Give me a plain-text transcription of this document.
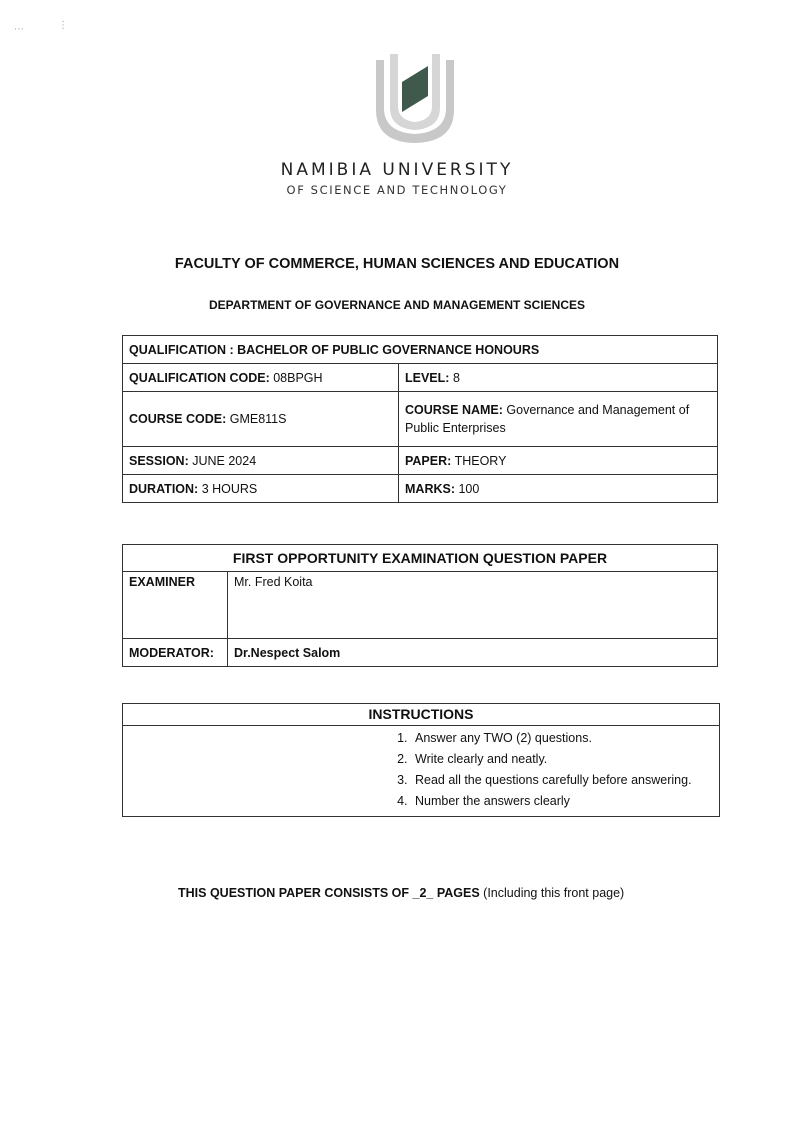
⋯	⋮
NAMIBIA UNIVERSITY
OF SCIENCE AND TECHNOLOGY
FACULTY OF COMMERCE, HUMAN SCIENCES AND EDUCATION
DEPARTMENT OF GOVERNANCE AND MANAGEMENT SCIENCES
QUALIFICATION : BACHELOR OF PUBLIC GOVERNANCE HONOURS	
QUALIFICATION CODE: 08BPGH	LEVEL: 8
COURSE CODE: GME811S	COURSE NAME: Governance and Management of Public Enterprises
SESSION: JUNE 2024	PAPER: THEORY
DURATION: 3 HOURS	MARKS: 100
FIRST OPPORTUNITY EXAMINATION QUESTION PAPER	
EXAMINER	Mr. Fred Koita
MODERATOR:	Dr.Nespect Salom
INSTRUCTIONS
1. Answer any TWO (2) questions.
2. Write clearly and neatly.
3. Read all the questions carefully before answering.
4. Number the answers clearly
THIS QUESTION PAPER CONSISTS OF _2_ PAGES (Including this front page)
